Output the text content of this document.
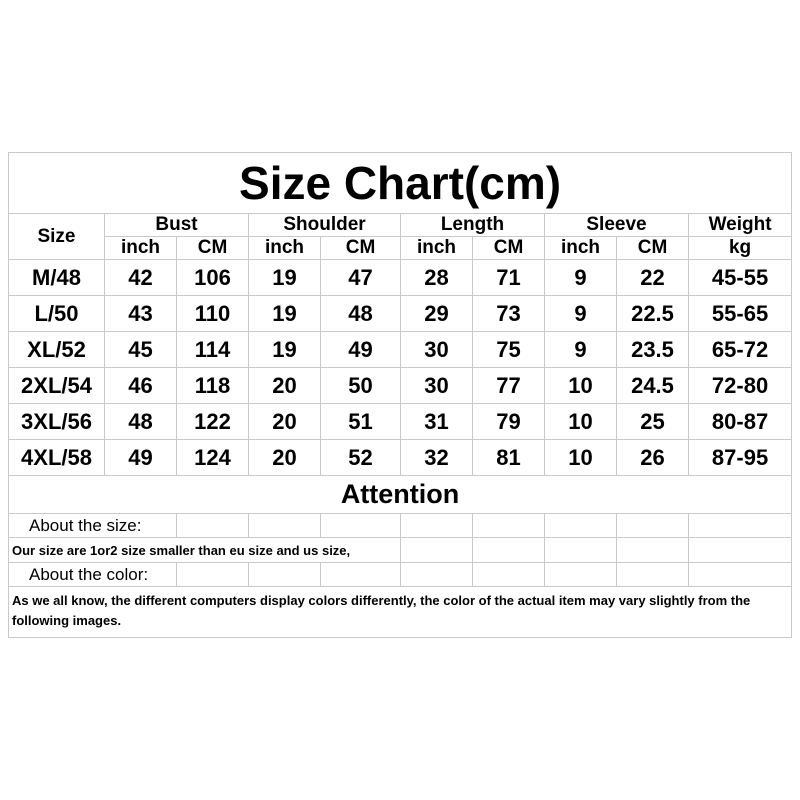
Size Chart(cm)									
Size	Bust		Shoulder		Length		Sleeve		Weight
	inch	CM	inch	CM	inch	CM	inch	CM	kg
M/48	42	106	19	47	28	71	9	22	45-55
L/50	43	110	19	48	29	73	9	22.5	55-65
XL/52	45	114	19	49	30	75	9	23.5	65-72
2XL/54	46	118	20	50	30	77	10	24.5	72-80
3XL/56	48	122	20	51	31	79	10	25	80-87
4XL/58	49	124	20	52	32	81	10	26	87-95
Attention									
About the size:									
Our size are 1or2 size smaller than eu size and us size,									
About the color:									
As we all know, the different computers display colors differently, the color of the actual item may vary slightly from the following images.									
